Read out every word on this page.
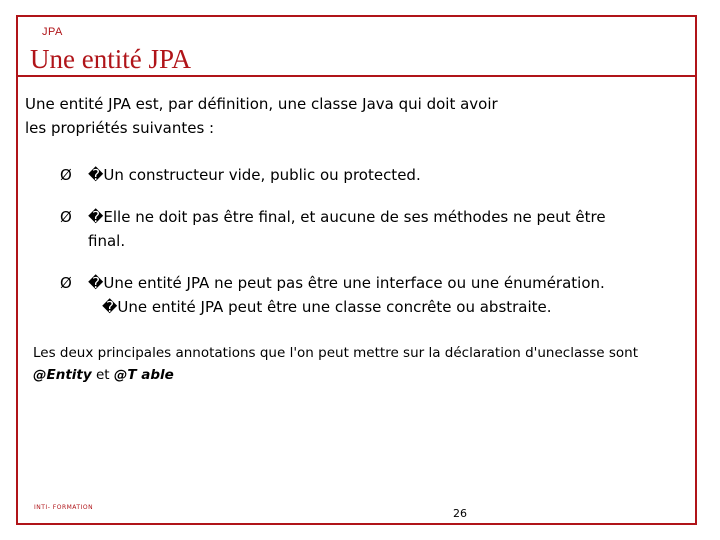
JPA
Une entité JPA

Une entité JPA est, par définition, une classe Java qui doit avoir
les propriétés suivantes :

Ø �Un constructeur vide, public ou protected.
Ø �Elle ne doit pas être final, et aucune de ses méthodes ne peut être
final.
Ø �Une entité JPA ne peut pas être une interface ou une énumération.
�Une entité JPA peut être une classe concrête ou abstraite.

Les deux principales annotations que l'on peut mettre sur la déclaration d'uneclasse sont
@Entity et @T able

INTI- FORMATION	26
